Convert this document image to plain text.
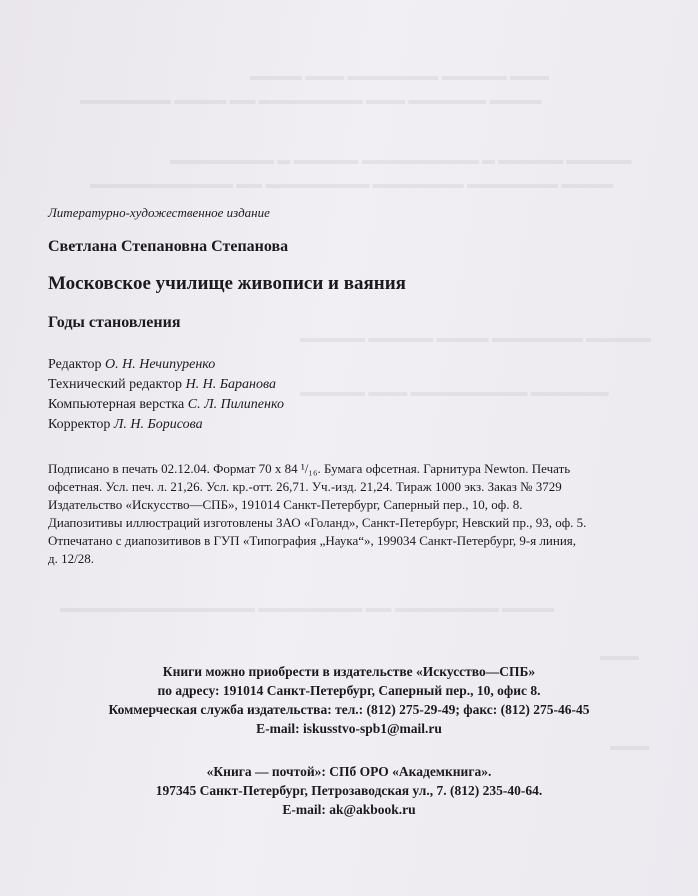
▬▬▬ ▬▬▬▬▬ ▬▬▬▬▬▬▬ ▬▬▬ ▬▬▬▬
▬▬▬▬ ▬▬▬▬▬▬ ▬▬▬ ▬▬▬▬▬▬▬▬ ▬▬ ▬▬▬▬ ▬▬▬▬▬▬▬
▬▬▬▬▬ ▬▬▬▬▬ ▬ ▬▬▬▬▬▬▬▬▬ ▬▬▬▬▬ ▬ ▬▬▬▬▬▬▬▬
▬▬▬▬ ▬▬▬▬▬▬▬ ▬▬▬▬▬▬▬ ▬▬▬▬▬▬▬▬ ▬▬ ▬▬▬▬▬▬▬▬▬▬▬
▬▬▬▬▬ ▬▬▬▬▬▬▬ ▬▬▬▬ ▬▬▬▬▬ ▬▬▬▬▬
▬▬▬▬▬▬ ▬▬▬▬▬▬▬▬▬ ▬▬▬ ▬▬▬▬▬
▬▬▬▬ ▬▬▬▬▬▬▬▬ ▬▬ ▬▬▬▬▬▬▬▬ ▬▬▬▬▬▬▬▬▬▬▬▬▬▬▬
▬▬▬
▬▬▬
Литературно-художественное издание
Светлана Степановна Степанова
Московское училище живописи и ваяния
Годы становления
Редактор О. Н. Нечипуренко
Технический редактор Н. Н. Баранова
Компьютерная верстка С. Л. Пилипенко
Корректор Л. Н. Борисова
Подписано в печать 02.12.04. Формат 70 x 84 ¹/₁₆. Бумага офсетная. Гарнитура Newton. Печать
офсетная. Усл. печ. л. 21,26. Усл. кр.-отт. 26,71. Уч.-изд. 21,24. Тираж 1000 экз. Заказ № 3729
Издательство «Искусство—СПБ», 191014 Санкт-Петербург, Саперный пер., 10, оф. 8.
Диапозитивы иллюстраций изготовлены ЗАО «Голанд», Санкт-Петербург, Невский пр., 93, оф. 5.
Отпечатано с диапозитивов в ГУП «Типография „Наука“», 199034 Санкт-Петербург, 9-я линия,
д. 12/28.
Книги можно приобрести в издательстве «Искусство—СПБ»
по адресу: 191014 Санкт-Петербург, Саперный пер., 10, офис 8.
Коммерческая служба издательства: тел.: (812) 275-29-49; факс: (812) 275-46-45
E-mail: iskusstvo-spb1@mail.ru
«Книга — почтой»: СПб ОРО «Академкнига».
197345 Санкт-Петербург, Петрозаводская ул., 7. (812) 235-40-64.
E-mail: ak@akbook.ru
